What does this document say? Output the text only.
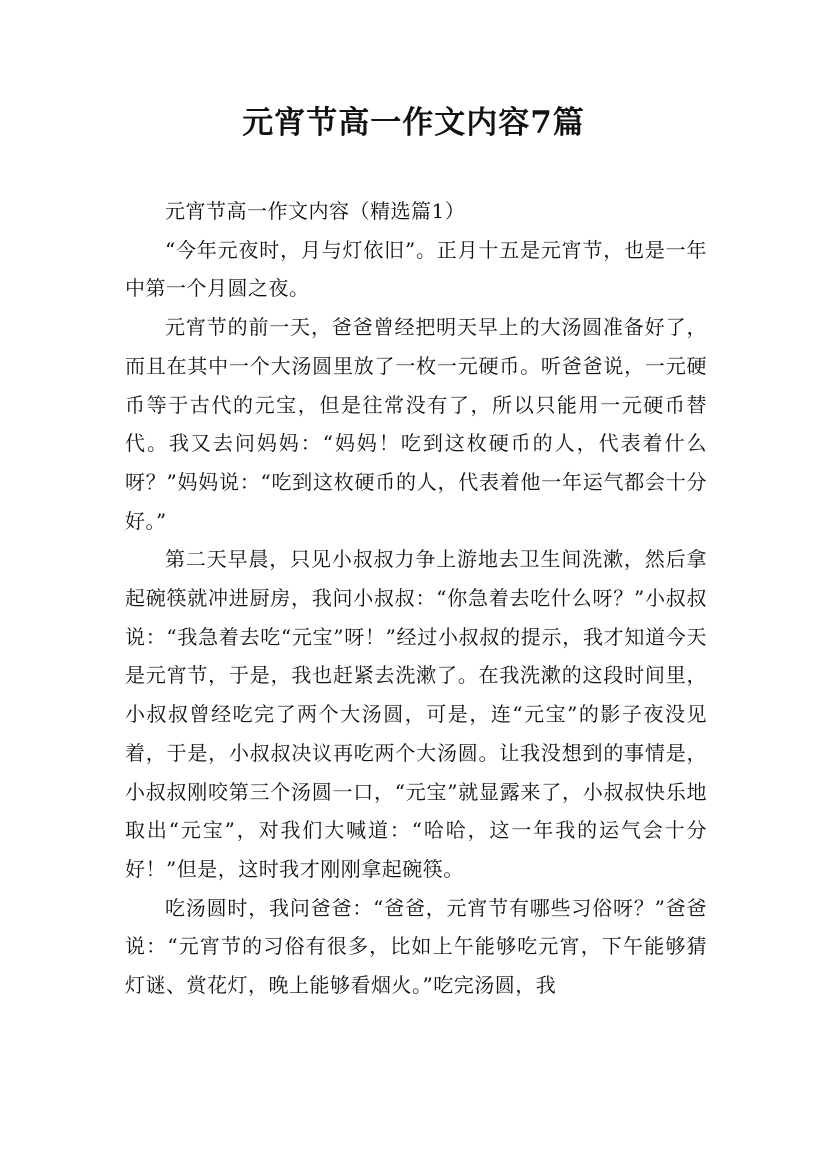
元宵节高一作文内容7篇

元宵节高一作文内容（精选篇1）

“今年元夜时，月与灯依旧”。正月十五是元宵节，也是一年中第一个月圆之夜。

元宵节的前一天，爸爸曾经把明天早上的大汤圆准备好了，而且在其中一个大汤圆里放了一枚一元硬币。听爸爸说，一元硬币等于古代的元宝，但是往常没有了，所以只能用一元硬币替代。我又去问妈妈：“妈妈！吃到这枚硬币的人，代表着什么呀？”妈妈说：“吃到这枚硬币的人，代表着他一年运气都会十分好。”

第二天早晨，只见小叔叔力争上游地去卫生间洗漱，然后拿起碗筷就冲进厨房，我问小叔叔：“你急着去吃什么呀？”小叔叔说：“我急着去吃“元宝”呀！”经过小叔叔的提示，我才知道今天是元宵节，于是，我也赶紧去洗漱了。在我洗漱的这段时间里，小叔叔曾经吃完了两个大汤圆，可是，连“元宝”的影子夜没见着，于是，小叔叔决议再吃两个大汤圆。让我没想到的事情是，小叔叔刚咬第三个汤圆一口，“元宝”就显露来了，小叔叔快乐地取出“元宝”，对我们大喊道：“哈哈，这一年我的运气会十分好！”但是，这时我才刚刚拿起碗筷。

吃汤圆时，我问爸爸：“爸爸，元宵节有哪些习俗呀？”爸爸说：“元宵节的习俗有很多，比如上午能够吃元宵，下午能够猜灯谜、赏花灯，晚上能够看烟火。”吃完汤圆，我
